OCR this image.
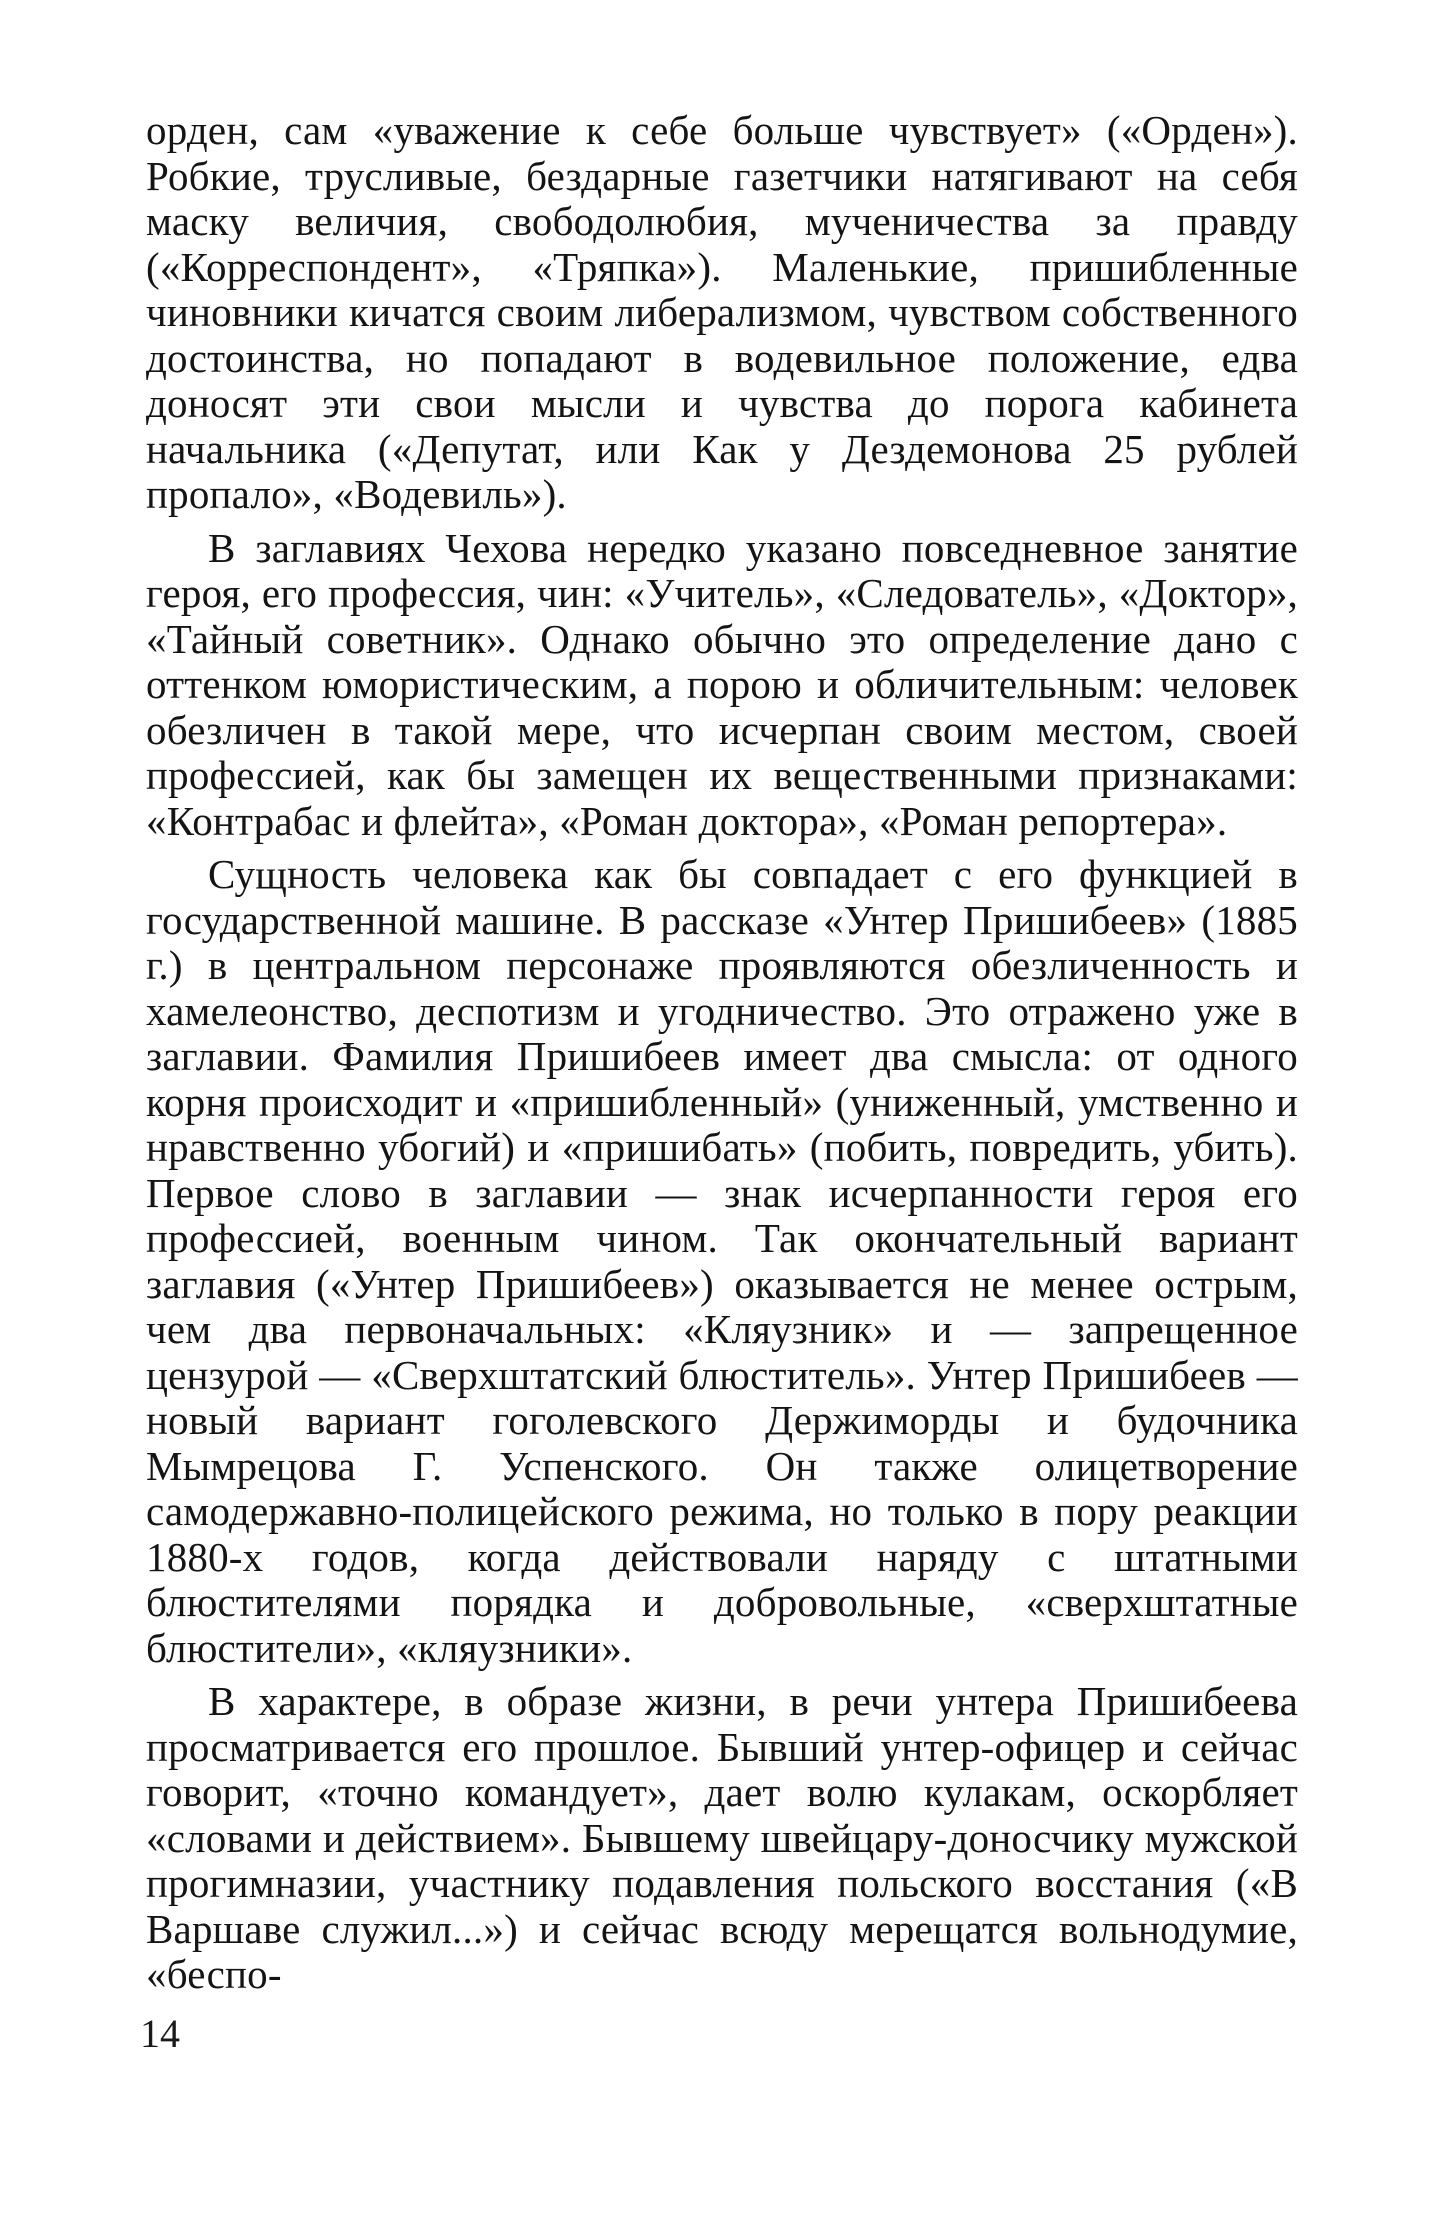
орден, сам «уважение к себе больше чувствует» («Орден»). Робкие, трусливые, бездарные газетчики натягивают на себя маску величия, свободолюбия, мученичества за правду («Корреспондент», «Тряпка»). Маленькие, пришибленные чиновники кичатся своим либерализмом, чувством собственного достоинства, но попадают в водевильное положение, едва доносят эти свои мысли и чувства до порога кабинета начальника («Депутат, или Как у Дездемонова 25 рублей пропало», «Водевиль»).

В заглавиях Чехова нередко указано повседневное занятие героя, его профессия, чин: «Учитель», «Следователь», «Доктор», «Тайный советник». Однако обычно это определение дано с оттенком юмористическим, а порою и обличительным: человек обезличен в такой мере, что исчерпан своим местом, своей профессией, как бы замещен их вещественными признаками: «Контрабас и флейта», «Роман доктора», «Роман репортера».

Сущность человека как бы совпадает с его функцией в государственной машине. В рассказе «Унтер Пришибеев» (1885 г.) в центральном персонаже проявляются обезличенность и хамелеонство, деспотизм и угодничество. Это отражено уже в заглавии. Фамилия Пришибеев имеет два смысла: от одного корня происходит и «пришибленный» (униженный, умственно и нравственно убогий) и «пришибать» (побить, повредить, убить). Первое слово в заглавии — знак исчерпанности героя его профессией, военным чином. Так окончательный вариант заглавия («Унтер Пришибеев») оказывается не менее острым, чем два первоначальных: «Кляузник» и — запрещенное цензурой — «Сверхштатский блюститель». Унтер Пришибеев — новый вариант гоголевского Держиморды и будочника Мымрецова Г. Успенского. Он также олицетворение самодержавно-полицейского режима, но только в пору реакции 1880-х годов, когда действовали наряду с штатными блюстителями порядка и добровольные, «сверхштатные блюстители», «кляузники».

В характере, в образе жизни, в речи унтера Пришибеева просматривается его прошлое. Бывший унтер-офицер и сейчас говорит, «точно командует», дает волю кулакам, оскорбляет «словами и действием». Бывшему швейцару-доносчику мужской прогимназии, участнику подавления польского восстания («В Варшаве служил...») и сейчас всюду мерещатся вольнодумие, «беспо-

14
